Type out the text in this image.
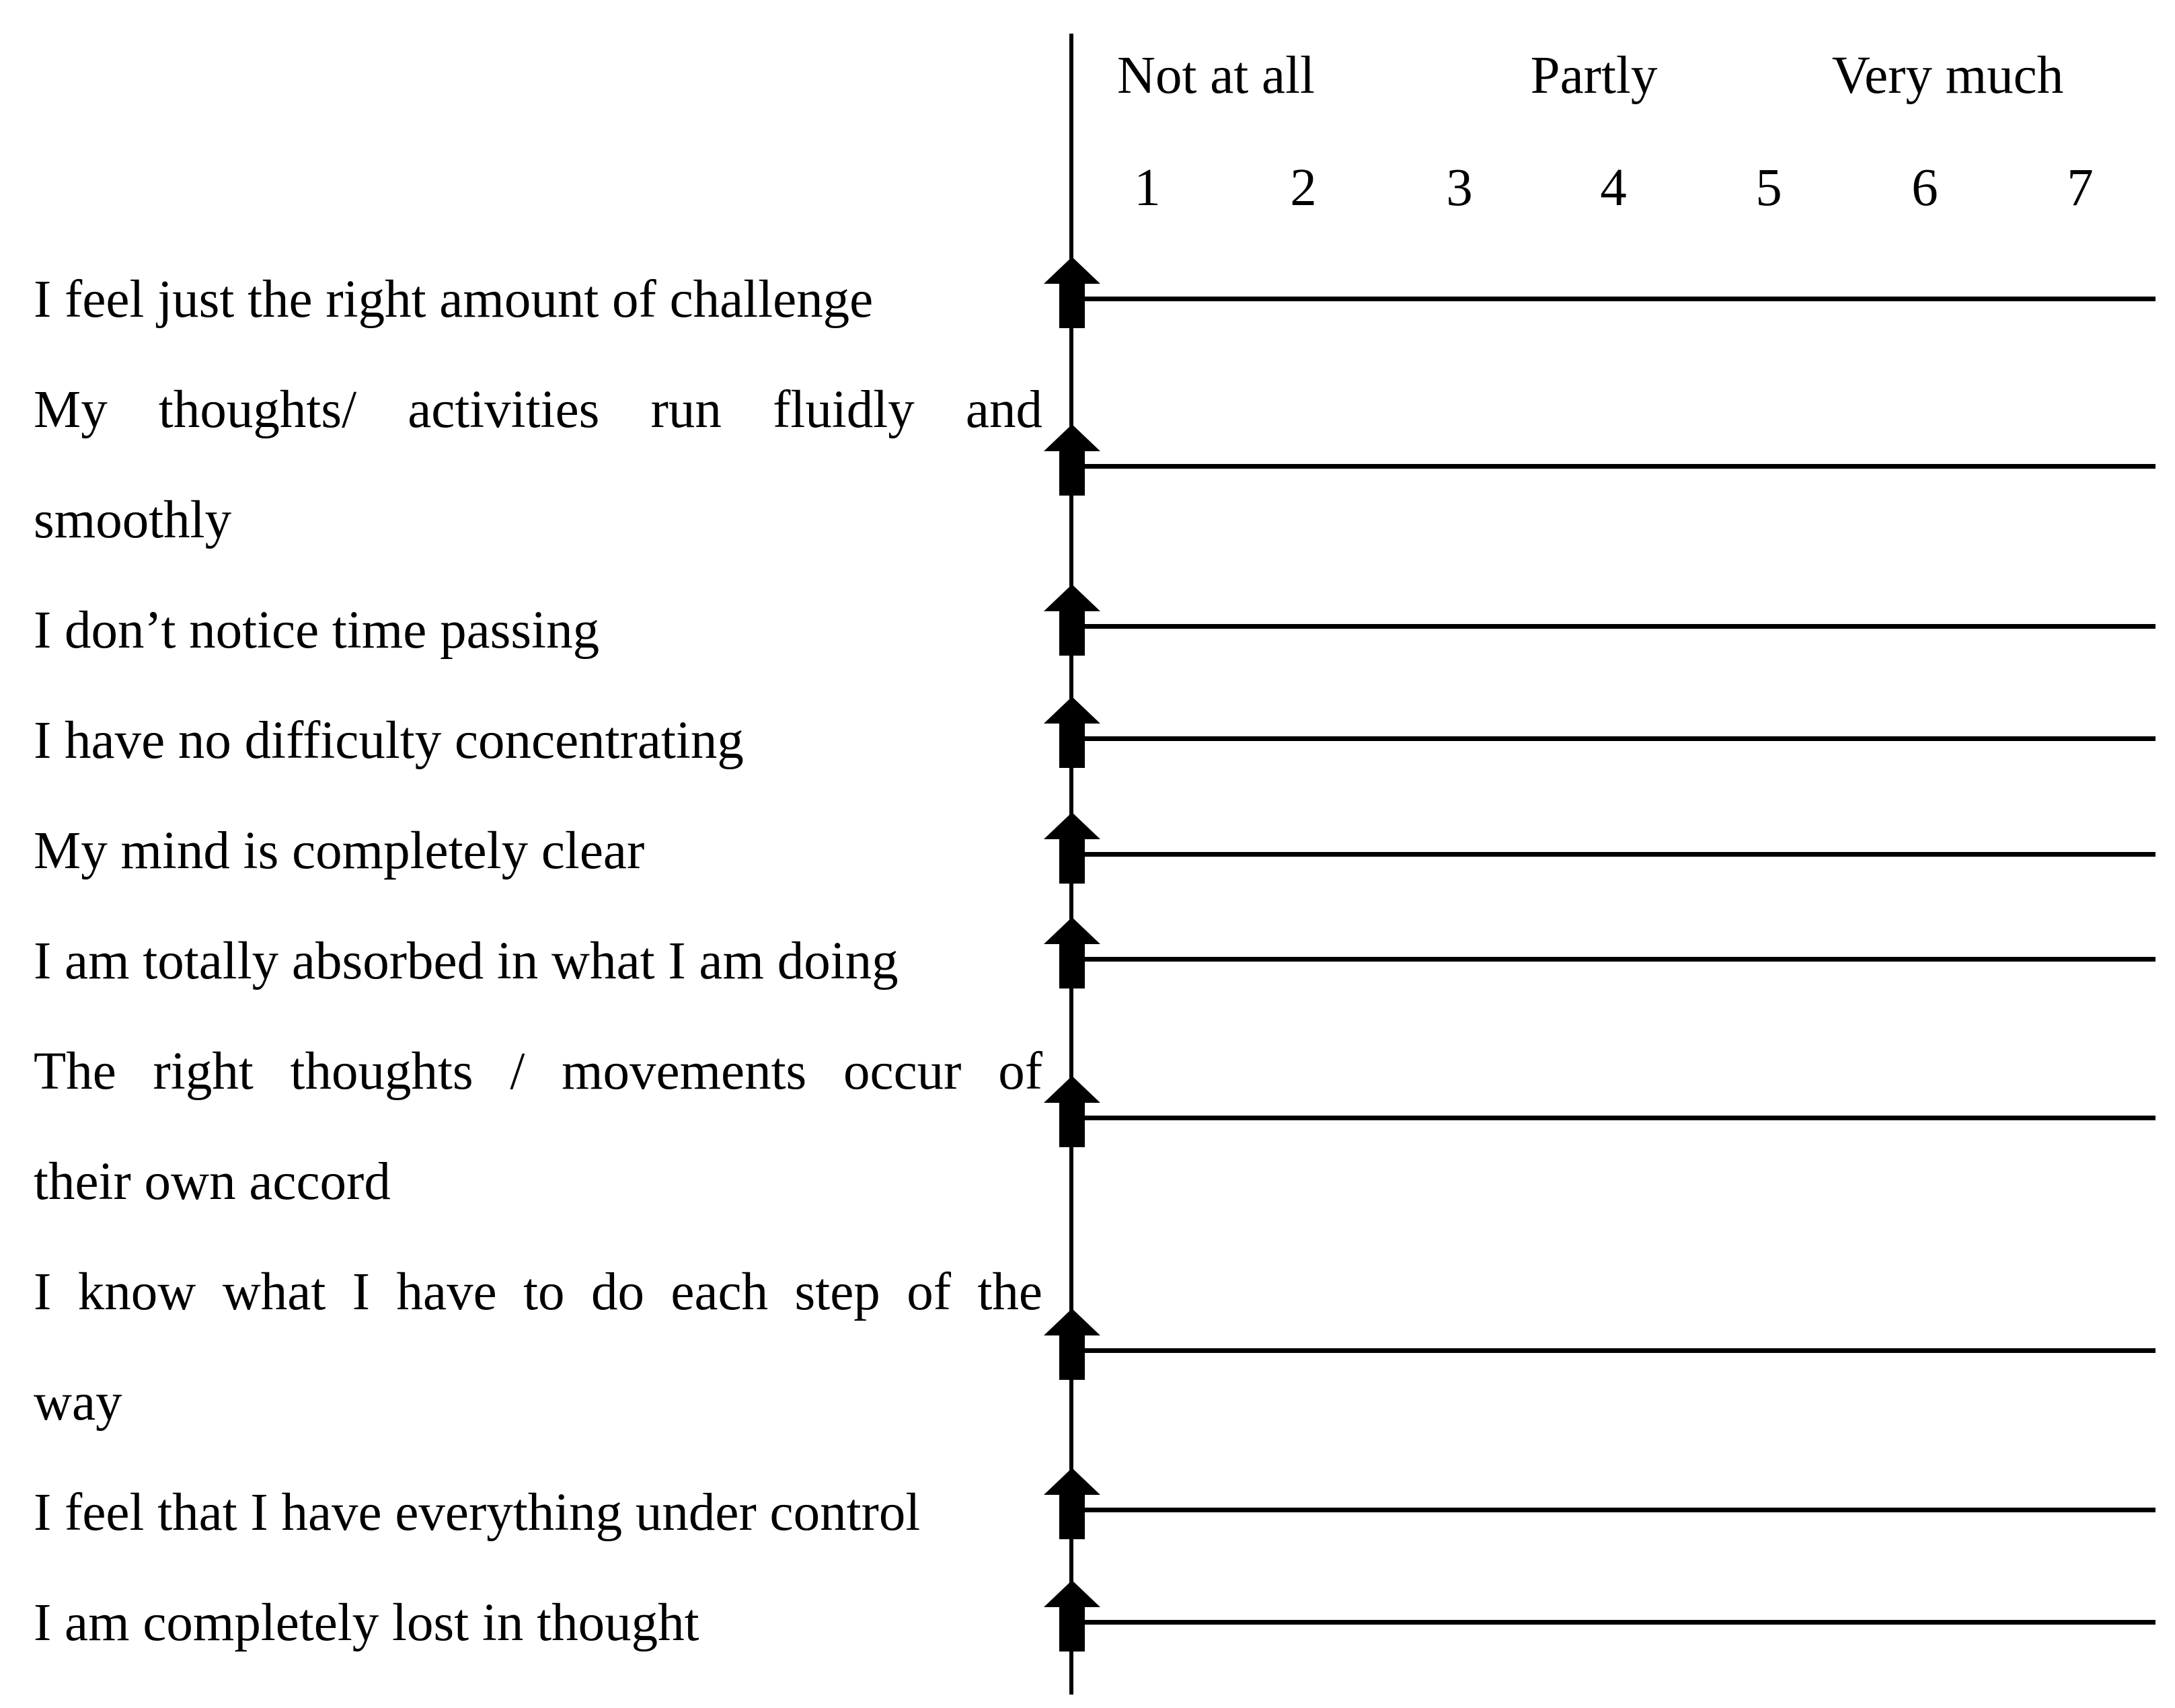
Not at all	Partly	Very much
1	2	3	4	5	6	7
I feel just the right amount of challenge
My thoughts/ activities run fluidly and
smoothly
I don’t notice time passing
I have no difficulty concentrating
My mind is completely clear
I am totally absorbed in what I am doing
The right thoughts / movements occur of
their own accord
I know what I have to do each step of the
way
I feel that I have everything under control
I am completely lost in thought
